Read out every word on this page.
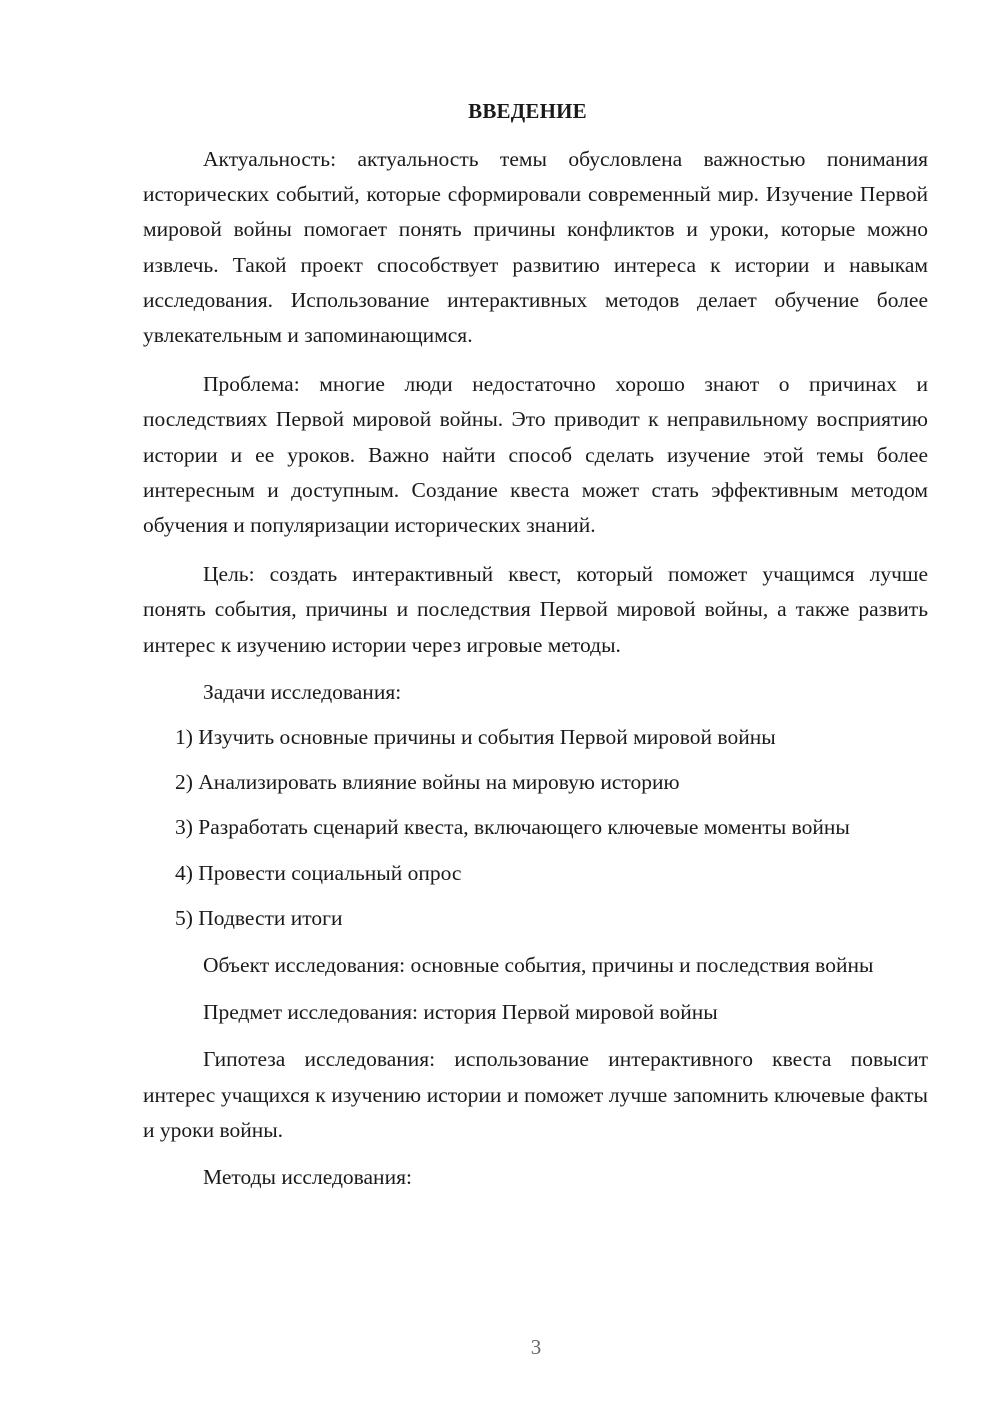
ВВЕДЕНИЕ

Актуальность: актуальность темы обусловлена важностью понимания исторических событий, которые сформировали современный мир. Изучение Первой мировой войны помогает понять причины конфликтов и уроки, которые можно извлечь. Такой проект способствует развитию интереса к истории и навыкам исследования. Использование интерактивных методов делает обучение более увлекательным и запоминающимся.

Проблема: многие люди недостаточно хорошо знают о причинах и последствиях Первой мировой войны. Это приводит к неправильному восприятию истории и ее уроков. Важно найти способ сделать изучение этой темы более интересным и доступным. Создание квеста может стать эффективным методом обучения и популяризации исторических знаний.

Цель: создать интерактивный квест, который поможет учащимся лучше понять события, причины и последствия Первой мировой войны, а также развить интерес к изучению истории через игровые методы.

Задачи исследования:

1) Изучить основные причины и события Первой мировой войны
2) Анализировать влияние войны на мировую историю
3) Разработать сценарий квеста, включающего ключевые моменты войны
4) Провести социальный опрос
5) Подвести итоги

Объект исследования: основные события, причины и последствия войны

Предмет исследования: история Первой мировой войны

Гипотеза исследования: использование интерактивного квеста повысит интерес учащихся к изучению истории и поможет лучше запомнить ключевые факты и уроки войны.

Методы исследования:

3
